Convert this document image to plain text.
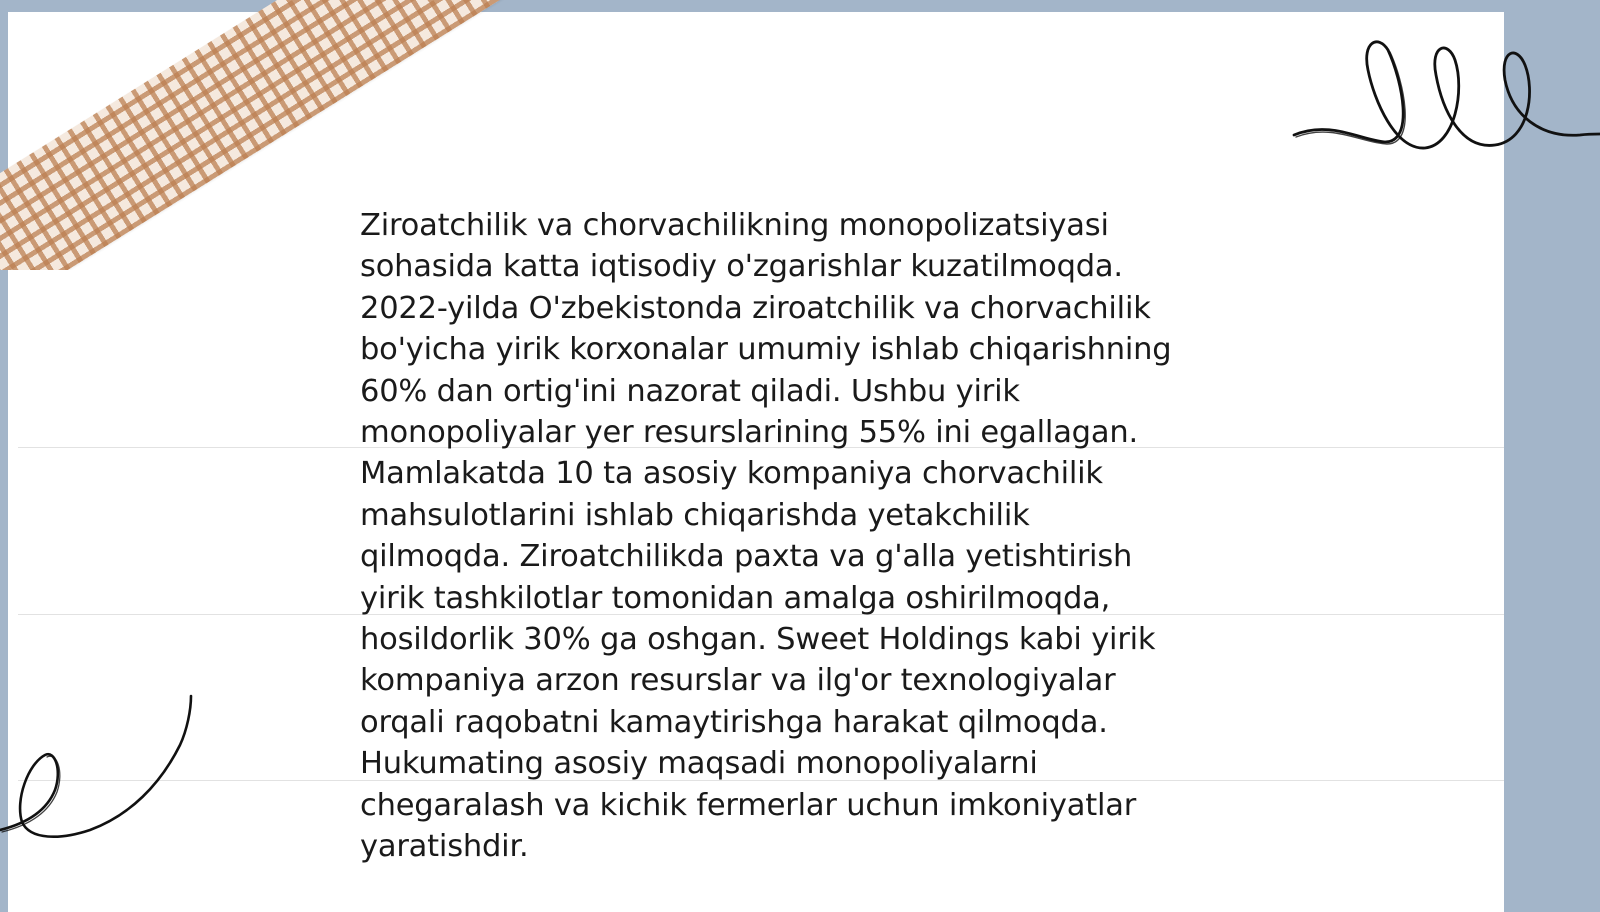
Ziroatchilik va chorvachilikning monopolizatsiyasi
sohasida katta iqtisodiy o'zgarishlar kuzatilmoqda.
2022-yilda O'zbekistonda ziroatchilik va chorvachilik
bo'yicha yirik korxonalar umumiy ishlab chiqarishning
60% dan ortig'ini nazorat qiladi. Ushbu yirik
monopoliyalar yer resurslarining 55% ini egallagan.
Mamlakatda 10 ta asosiy kompaniya chorvachilik
mahsulotlarini ishlab chiqarishda yetakchilik
qilmoqda. Ziroatchilikda paxta va g'alla yetishtirish
yirik tashkilotlar tomonidan amalga oshirilmoqda,
hosildorlik 30% ga oshgan. Sweet Holdings kabi yirik
kompaniya arzon resurslar va ilg'or texnologiyalar
orqali raqobatni kamaytirishga harakat qilmoqda.
Hukumating asosiy maqsadi monopoliyalarni
chegaralash va kichik fermerlar uchun imkoniyatlar
yaratishdir.
